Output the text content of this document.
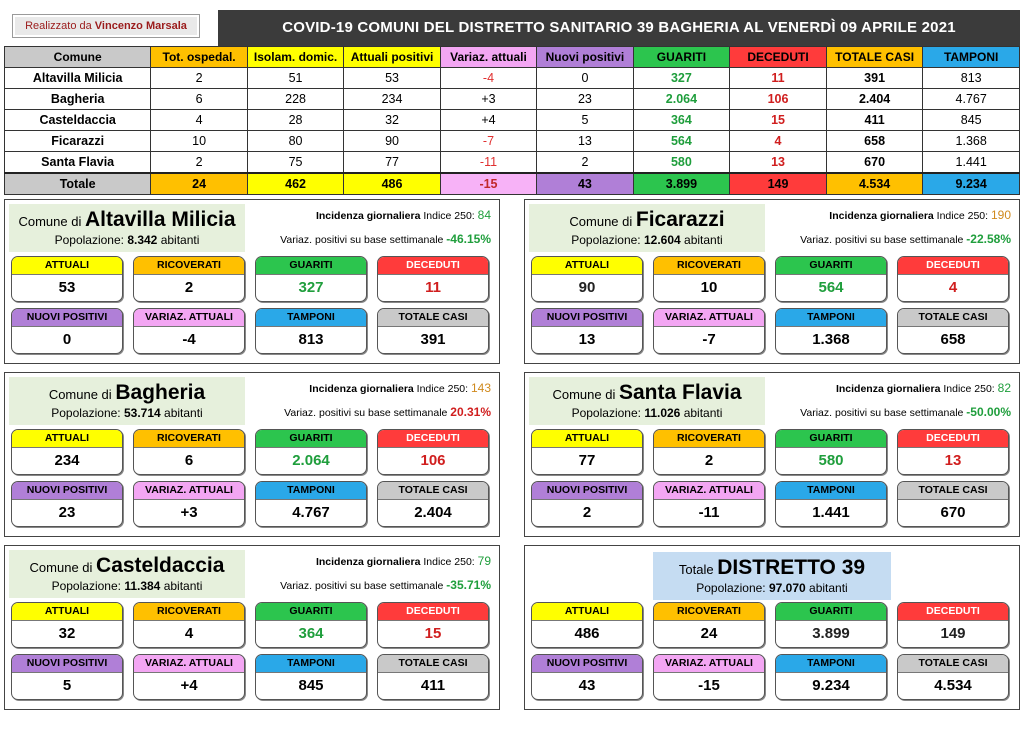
Realizzato da Vincenzo Marsala	COVID-19 COMUNI DEL DISTRETTO SANITARIO 39 BAGHERIA AL VENERDÌ 09 APRILE 2021
Comune	Tot. ospedal.	Isolam. domic.	Attuali positivi	Variaz. attuali	Nuovi positivi	GUARITI	DECEDUTI	TOTALE CASI	TAMPONI
Altavilla Milicia	2	51	53	-4	0	327	11	391	813
Bagheria	6	228	234	+3	23	2.064	106	2.404	4.767
Casteldaccia	4	28	32	+4	5	364	15	411	845
Ficarazzi	10	80	90	-7	13	564	4	658	1.368
Santa Flavia	2	75	77	-11	2	580	13	670	1.441
Totale	24	462	486	-15	43	3.899	149	4.534	9.234
Comune di Altavilla Milicia
Popolazione: 8.342 abitanti
Incidenza giornaliera Indice 250: 84
Variaz. positivi su base settimanale -46.15%
ATTUALI
53
RICOVERATI
2
GUARITI
327
DECEDUTI
11
NUOVI POSITIVI
0
VARIAZ. ATTUALI
-4
TAMPONI
813
TOTALE CASI
391
Comune di Ficarazzi
Popolazione: 12.604 abitanti
Incidenza giornaliera Indice 250: 190
Variaz. positivi su base settimanale -22.58%
ATTUALI
90
RICOVERATI
10
GUARITI
564
DECEDUTI
4
NUOVI POSITIVI
13
VARIAZ. ATTUALI
-7
TAMPONI
1.368
TOTALE CASI
658
Comune di Bagheria
Popolazione: 53.714 abitanti
Incidenza giornaliera Indice 250: 143
Variaz. positivi su base settimanale 20.31%
ATTUALI
234
RICOVERATI
6
GUARITI
2.064
DECEDUTI
106
NUOVI POSITIVI
23
VARIAZ. ATTUALI
+3
TAMPONI
4.767
TOTALE CASI
2.404
Comune di Santa Flavia
Popolazione: 11.026 abitanti
Incidenza giornaliera Indice 250: 82
Variaz. positivi su base settimanale -50.00%
ATTUALI
77
RICOVERATI
2
GUARITI
580
DECEDUTI
13
NUOVI POSITIVI
2
VARIAZ. ATTUALI
-11
TAMPONI
1.441
TOTALE CASI
670
Comune di Casteldaccia
Popolazione: 11.384 abitanti
Incidenza giornaliera Indice 250: 79
Variaz. positivi su base settimanale -35.71%
ATTUALI
32
RICOVERATI
4
GUARITI
364
DECEDUTI
15
NUOVI POSITIVI
5
VARIAZ. ATTUALI
+4
TAMPONI
845
TOTALE CASI
411
Totale DISTRETTO 39
Popolazione: 97.070 abitanti
ATTUALI
486
RICOVERATI
24
GUARITI
3.899
DECEDUTI
149
NUOVI POSITIVI
43
VARIAZ. ATTUALI
-15
TAMPONI
9.234
TOTALE CASI
4.534
